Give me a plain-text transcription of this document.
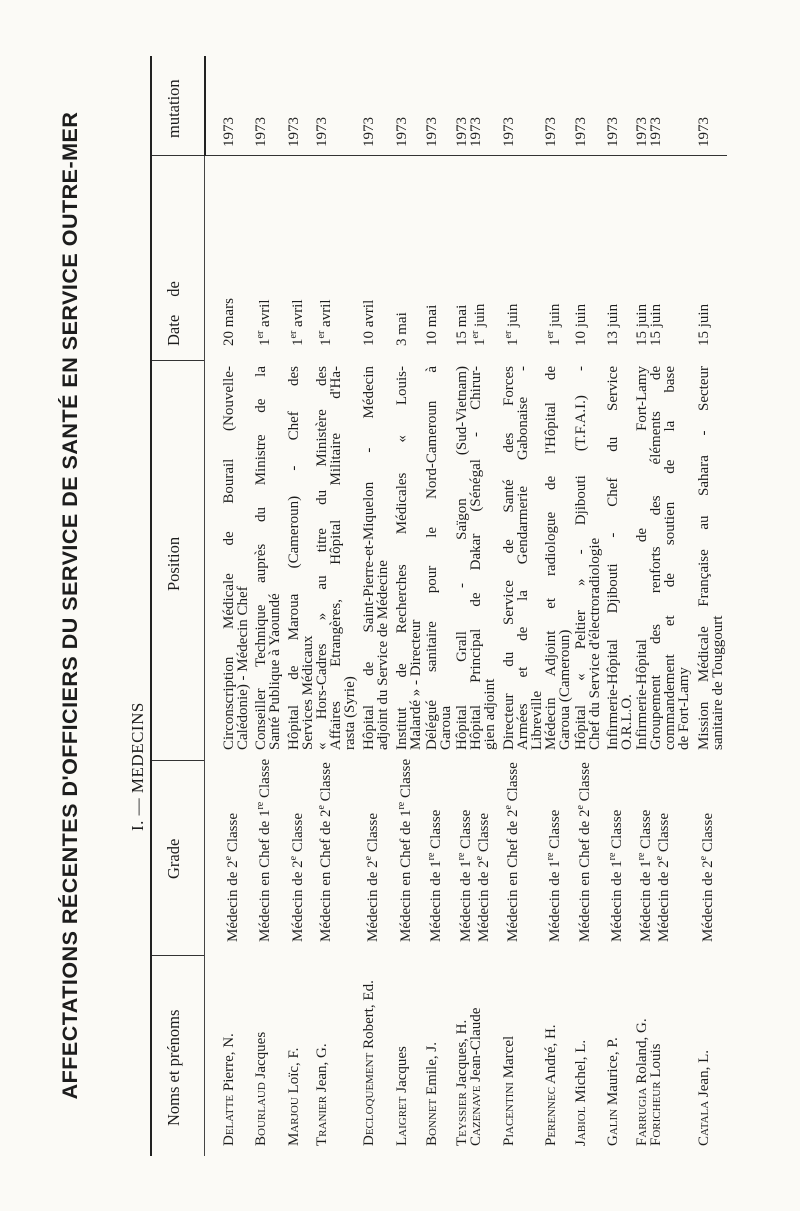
AFFECTATIONS RÉCENTES D'OFFICIERS DU SERVICE DE SANTÉ EN SERVICE OUTRE-MER	I. — MEDECINS
Noms et prénoms
Grade
Position
Date de
mutation
Delatte Pierre, N.
Médecin de 2e Classe
Circonscription Médicale de Bourail (Nouvelle-
Calédonie) - Médecin Chef
20 mars
1973
Bourlaud Jacques
Médecin en Chef de 1re Classe
Conseiller Technique auprès du Ministre de la
Santé Publique à Yaoundé
1er avril
1973
Marjou Loïc, F.
Médecin de 2e Classe
Hôpital de Maroua (Cameroun) - Chef des
Services Médicaux
1er avril
1973
Tranier Jean, G.
Médecin en Chef de 2e Classe
« Hors-Cadres » au titre du Ministère des
Affaires Etrangères, Hôpital Militaire d'Ha-
rasta (Syrie)
1er avril
1973
Decloquement Robert, Ed.
Médecin de 2e Classe
Hôpital de Saint-Pierre-et-Miquelon - Médecin
adjoint du Service de Médecine
10 avril
1973
Laigret Jacques
Médecin en Chef de 1re Classe
Institut de Recherches Médicales « Louis-
Malardé » - Directeur
3 mai
1973
Bonnet Emile, J.
Médecin de 1re Classe
Délégué sanitaire pour le Nord-Cameroun à
Garoua
10 mai
1973
Teyssier Jacques, H.
Cazenave Jean-Claude
Médecin de 1re Classe
Médecin de 2e Classe
Hôpital Grall - Saïgon (Sud-Vietnam)
Hôpital Principal de Dakar (Sénégal - Chirur-
gien adjoint
15 mai 1er juin
1973
1973
Piacentini Marcel
Médecin en Chef de 2e Classe
Directeur du Service de Santé des Forces
Armées et de la Gendarmerie Gabonaise -
Libreville
1er juin
1973
Perennec André, H.
Médecin de 1re Classe
Médecin Adjoint et radiologue de l'Hôpital de
Garoua (Cameroun)
1er juin
1973
Jabiol Michel, L.
Médecin en Chef de 2e Classe
Hôpital « Peltier » - Djibouti (T.F.A.I.) -
Chef du Service d'électroradiologie
10 juin
1973
Galin Maurice, P.
Médecin de 1re Classe
Infirmerie-Hôpital Djibouti - Chef du Service
O.R.L.O.
13 juin
1973
Farrugia Roland, G.
Foricheur Louis
Médecin de 1re Classe
Médecin de 2e Classe
Infirmerie-Hôpital de Fort-Lamy
Groupement des renforts des éléments de
commandement et de soutien de la base
de Fort-Lamy
15 juin
15 juin
1973
1973
Catala Jean, L.
Médecin de 2e Classe
Mission Médicale Française au Sahara - Secteur
sanitaire de Touggourt
15 juin
1973
